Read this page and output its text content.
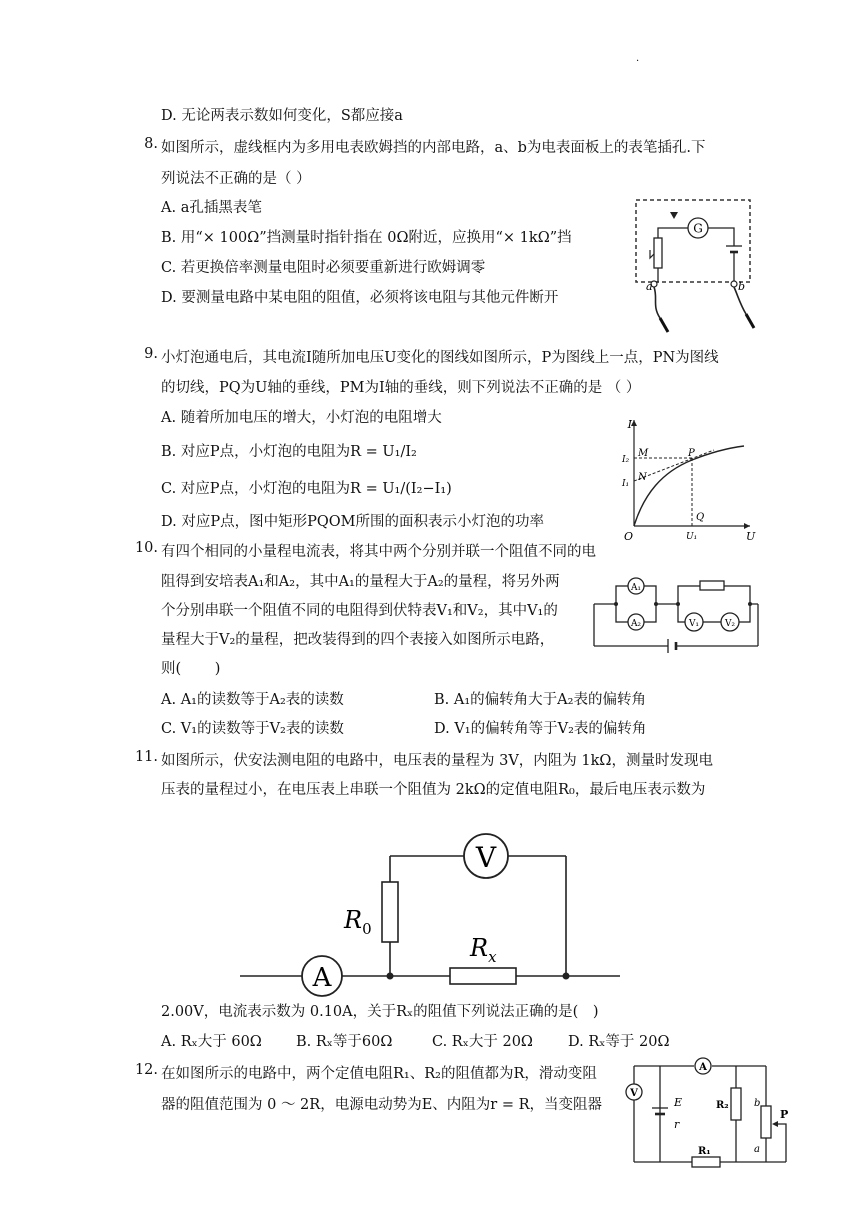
·
D. 无论两表示数如何变化，S都应接a
8. 如图所示，虚线框内为多用电表欧姆挡的内部电路，a、b为电表面板上的表笔插孔.下
列说法不正确的是（ ）
A. a孔插黑表笔
B. 用“× 100Ω”挡测量时指针指在 0Ω附近，应换用“× 1kΩ”挡
C. 若更换倍率测量电阻时必须要重新进行欧姆调零
D. 要测量电路中某电阻的阻值，必须将该电阻与其他元件断开
G
a	b
9. 小灯泡通电后，其电流I随所加电压U变化的图线如图所示，P为图线上一点，PN为图线
的切线，PQ为U轴的垂线，PM为I轴的垂线，则下列说法不正确的是 （ ）
A. 随着所加电压的增大，小灯泡的电阻增大
B. 对应P点，小灯泡的电阻为R = U₁/I₂
C. 对应P点，小灯泡的电阻为R = U₁/(I₂−I₁)
D. 对应P点，图中矩形PQOM所围的面积表示小灯泡的功率
I
U
O
M	P
N
Q
I₂
I₁
U₁
10. 有四个相同的小量程电流表，将其中两个分别并联一个阻值不同的电
阻得到安培表A₁和A₂，其中A₁的量程大于A₂的量程，将另外两
个分别串联一个阻值不同的电阻得到伏特表V₁和V₂，其中V₁的
量程大于V₂的量程，把改装得到的四个表接入如图所示电路，
则(　　 )
A. A₁的读数等于A₂表的读数	B. A₁的偏转角大于A₂表的偏转角
C. V₁的读数等于V₂表的读数	D. V₁的偏转角等于V₂表的偏转角
A₁
A₂	V₁	V₂
11. 如图所示，伏安法测电阻的电路中，电压表的量程为 3V，内阻为 1kΩ，测量时发现电
压表的量程过小，在电压表上串联一个阻值为 2kΩ的定值电阻R₀，最后电压表示数为
A
V
$R_0$
$R_x$
2.00V，电流表示数为 0.10A，关于Rₓ的阻值下列说法正确的是(　)
A. Rₓ大于 60Ω B. Rₓ等于60Ω	C. Rₓ大于 20Ω D. Rₓ等于 20Ω
12. 在如图所示的电路中，两个定值电阻R₁、R₂的阻值都为R，滑动变阻
器的阻值范围为 0 ～ 2R，电源电动势为E、内阻为r = R，当变阻器
A
V
E
r
R₂
R₁
b
a
P
